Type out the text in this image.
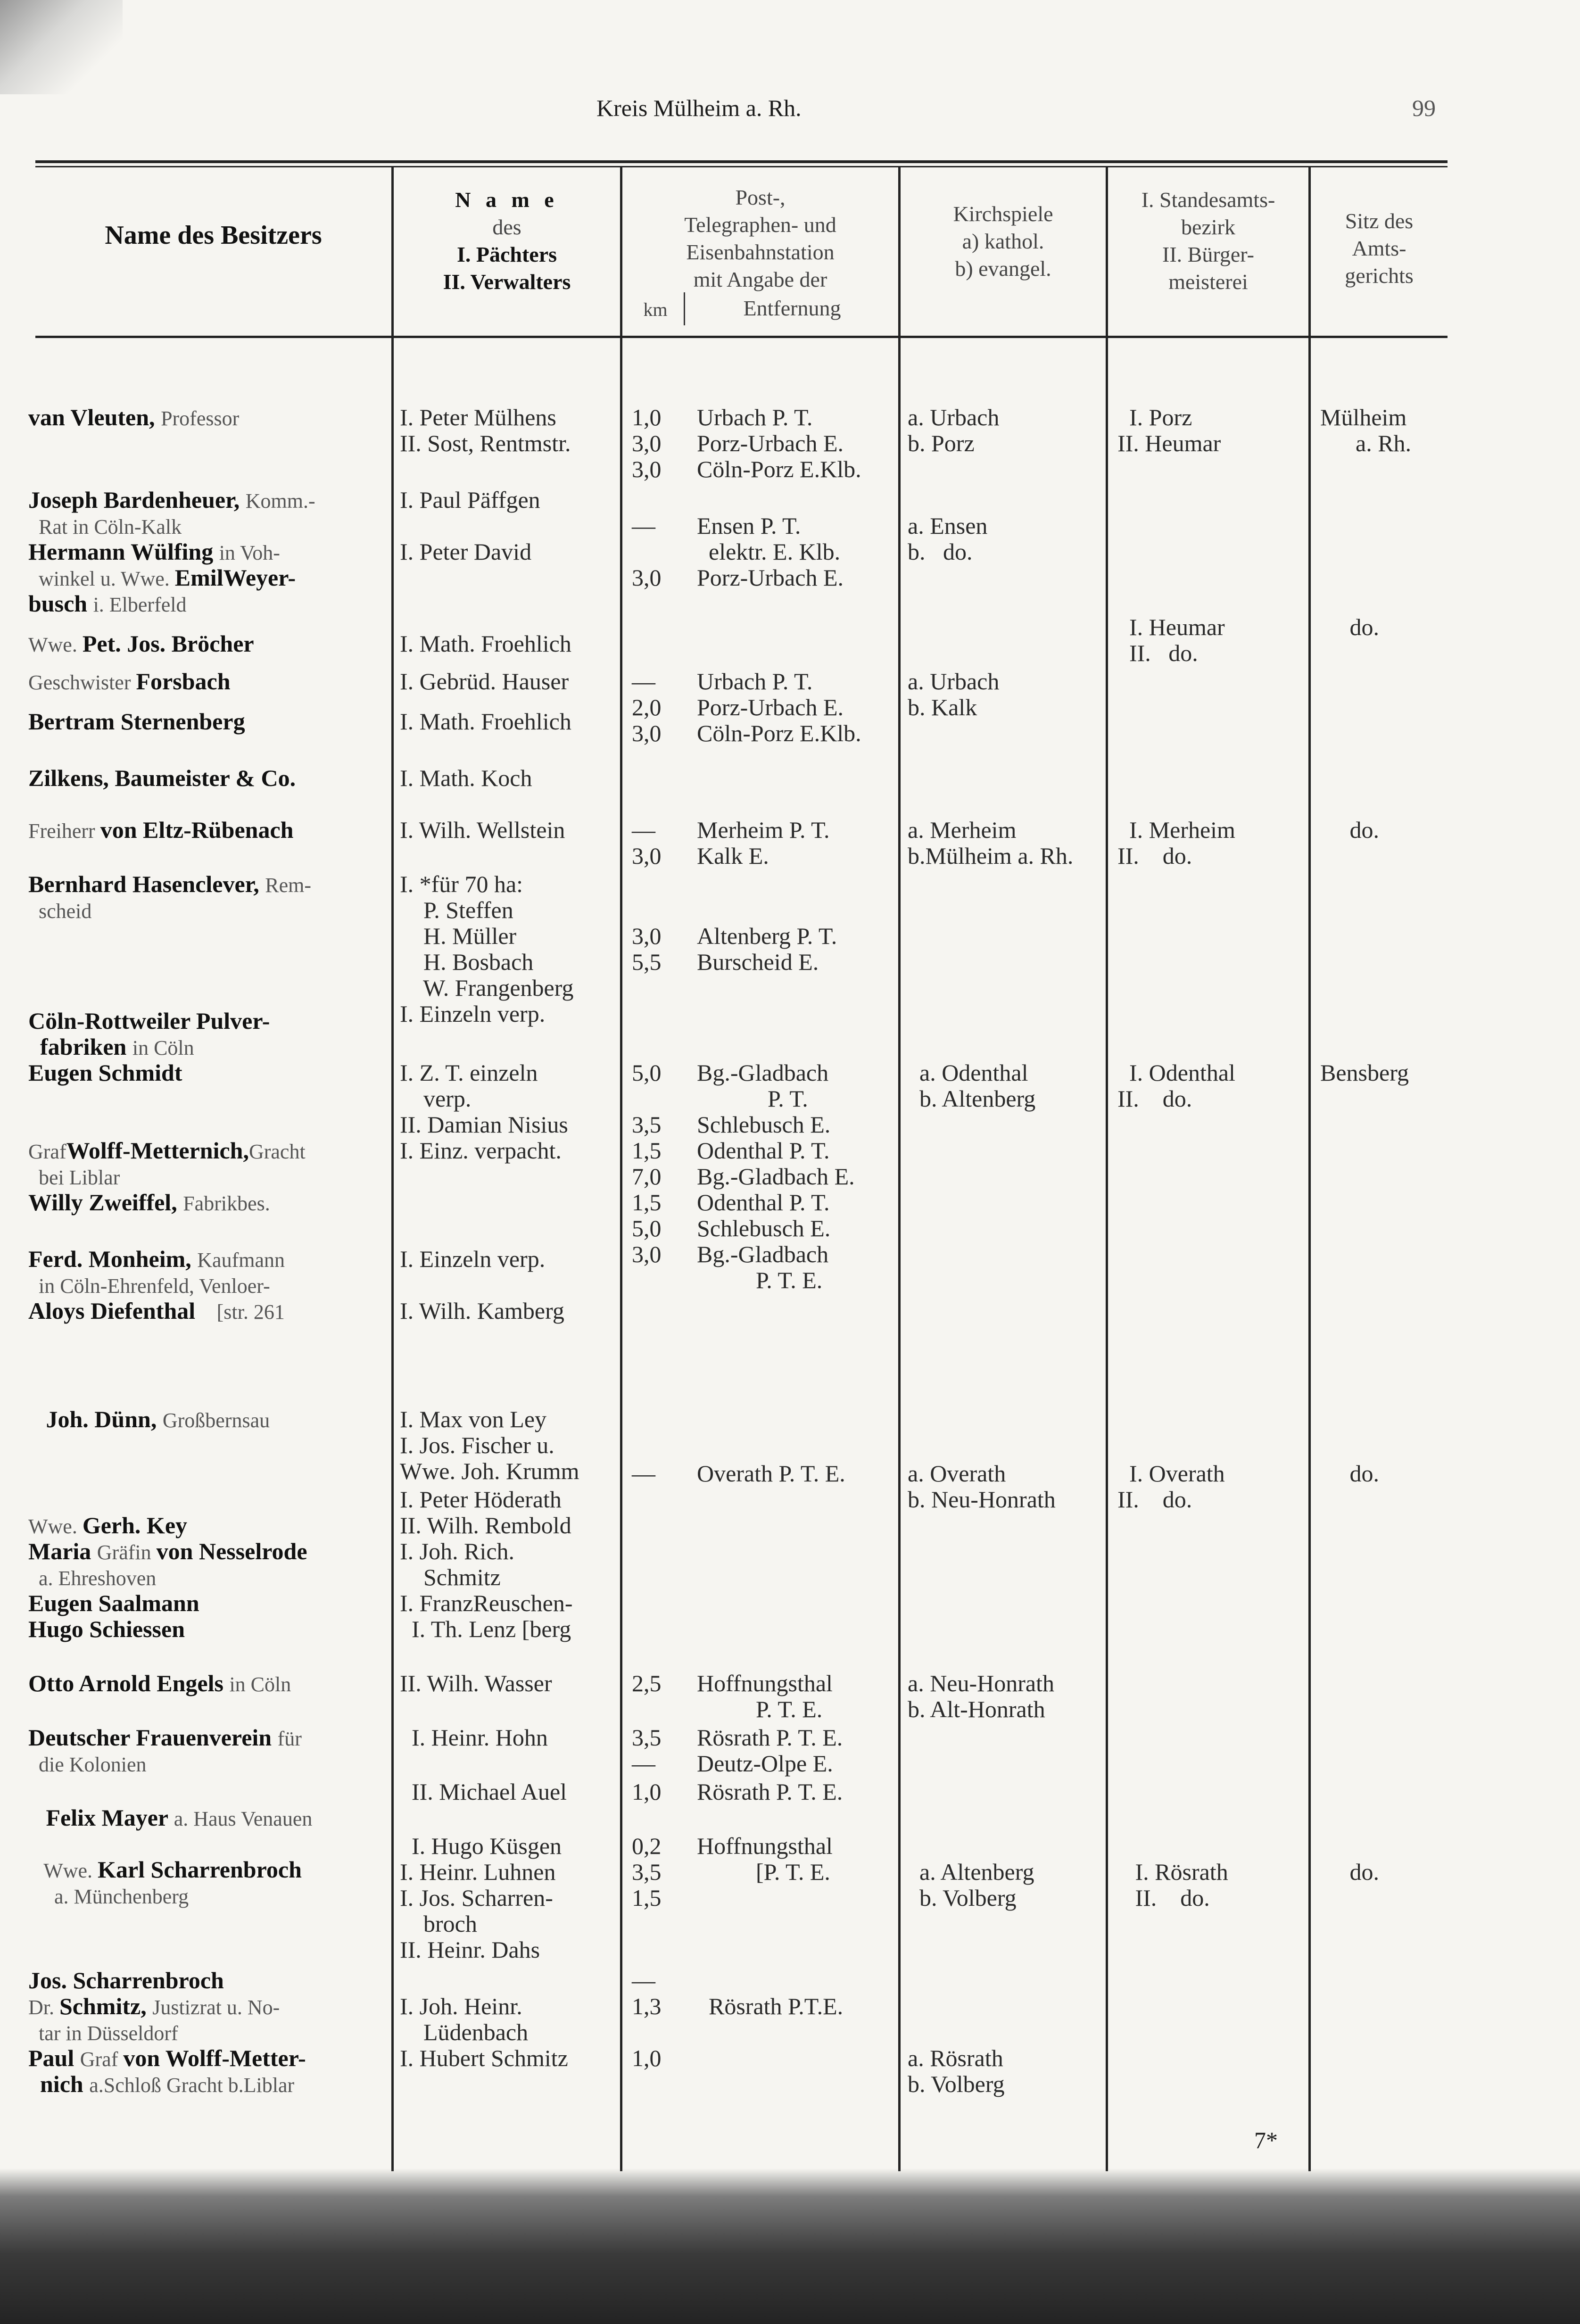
Kreis Mülheim a. Rh.	99
Name des Besitzers
N a m e
des
I. Pächters
II. Verwalters
Post-,
Telegraphen- und
Eisenbahnstation
mit Angabe der
km	Entfernung
Kirchspiele
a) kathol.
b) evangel.
I. Standesamts-
bezirk
II. Bürger-
meisterei
Sitz des
Amts-
gerichts
van Vleuten, Professor
Joseph Bardenheuer, Komm.-
Rat in Cöln-Kalk
Hermann Wülfing in Voh-
winkel u. Wwe. EmilWeyer-
busch i. Elberfeld
Wwe. Pet. Jos. Bröcher
Geschwister Forsbach
Bertram Sternenberg
Zilkens, Baumeister & Co.
Freiherr von Eltz-Rübenach
Bernhard Hasenclever, Rem-
scheid
Cöln-Rottweiler Pulver-
fabriken in Cöln
Eugen Schmidt
GrafWolff-Metternich,Gracht
bei Liblar
Willy Zweiffel, Fabrikbes.
Ferd. Monheim, Kaufmann
in Cöln-Ehrenfeld, Venloer-
Aloys Diefenthal    [str. 261
Joh. Dünn, Großbernsau
Wwe. Gerh. Key
Maria Gräfin von Nesselrode
a. Ehreshoven
Eugen Saalmann
Hugo Schiessen
Otto Arnold Engels in Cöln
Deutscher Frauenverein für
die Kolonien
Felix Mayer a. Haus Venauen
Wwe. Karl Scharrenbroch
a. Münchenberg
Jos. Scharrenbroch
Dr. Schmitz, Justizrat u. No-
tar in Düsseldorf
Paul Graf von Wolff-Metter-
nich a.Schloß Gracht b.Liblar
I. Peter Mülhens
II. Sost, Rentmstr.
I. Paul Päffgen
I. Peter David
I. Math. Froehlich
I. Gebrüd. Hauser
I. Math. Froehlich
I. Math. Koch
I. Wilh. Wellstein
I. *für 70 ha:
P. Steffen
H. Müller
H. Bosbach
W. Frangenberg
I. Einzeln verp.
I. Z. T. einzeln
verp.
II. Damian Nisius
I. Einz. verpacht.
I. Einzeln verp.
I. Wilh. Kamberg
I. Max von Ley
I. Jos. Fischer u.
Wwe. Joh. Krumm
I. Peter Höderath
II. Wilh. Rembold
I. Joh. Rich.
Schmitz
I. FranzReuschen-
I. Th. Lenz [berg
II. Wilh. Wasser
I. Heinr. Hohn
II. Michael Auel
I. Hugo Küsgen
I. Heinr. Luhnen
I. Jos. Scharren-
broch
II. Heinr. Dahs
I. Joh. Heinr.
Lüdenbach
I. Hubert Schmitz
1,0
3,0
3,0
—
3,0
—
2,0
3,0
—
3,0
3,0
5,5
5,0
3,5
1,5
7,0
1,5
5,0
3,0
—
2,5
3,5
—
1,0
0,2
3,5
1,5
—
1,3
1,0
Urbach P. T.
Porz-Urbach E.
Cöln-Porz E.Klb.
Ensen P. T.
elektr. E. Klb.
Porz-Urbach E.
Urbach P. T.
Porz-Urbach E.
Cöln-Porz E.Klb.
Merheim P. T.
Kalk E.
Altenberg P. T.
Burscheid E.
Bg.-Gladbach
P. T.
Schlebusch E.
Odenthal P. T.
Bg.-Gladbach E.
Odenthal P. T.
Schlebusch E.
Bg.-Gladbach
P. T. E.
Overath P. T. E.
Hoffnungsthal
P. T. E.
Rösrath P. T. E.
Deutz-Olpe E.
Rösrath P. T. E.
Hoffnungsthal
[P. T. E.
Rösrath P.T.E.
a. Urbach
b. Porz
a. Ensen
b.   do.
a. Urbach
b. Kalk
a. Merheim
b.Mülheim a. Rh.
a. Odenthal
b. Altenberg
a. Overath
b. Neu-Honrath
a. Neu-Honrath
b. Alt-Honrath
a. Altenberg
b. Volberg
a. Rösrath
b. Volberg
I. Porz
II. Heumar
I. Heumar
II.   do.
I. Merheim
II.    do.
I. Odenthal
II.    do.
I. Overath
II.    do.
I. Rösrath
II.    do.
Mülheim
a. Rh.
do.
do.
Bensberg
do.
do.
7*
